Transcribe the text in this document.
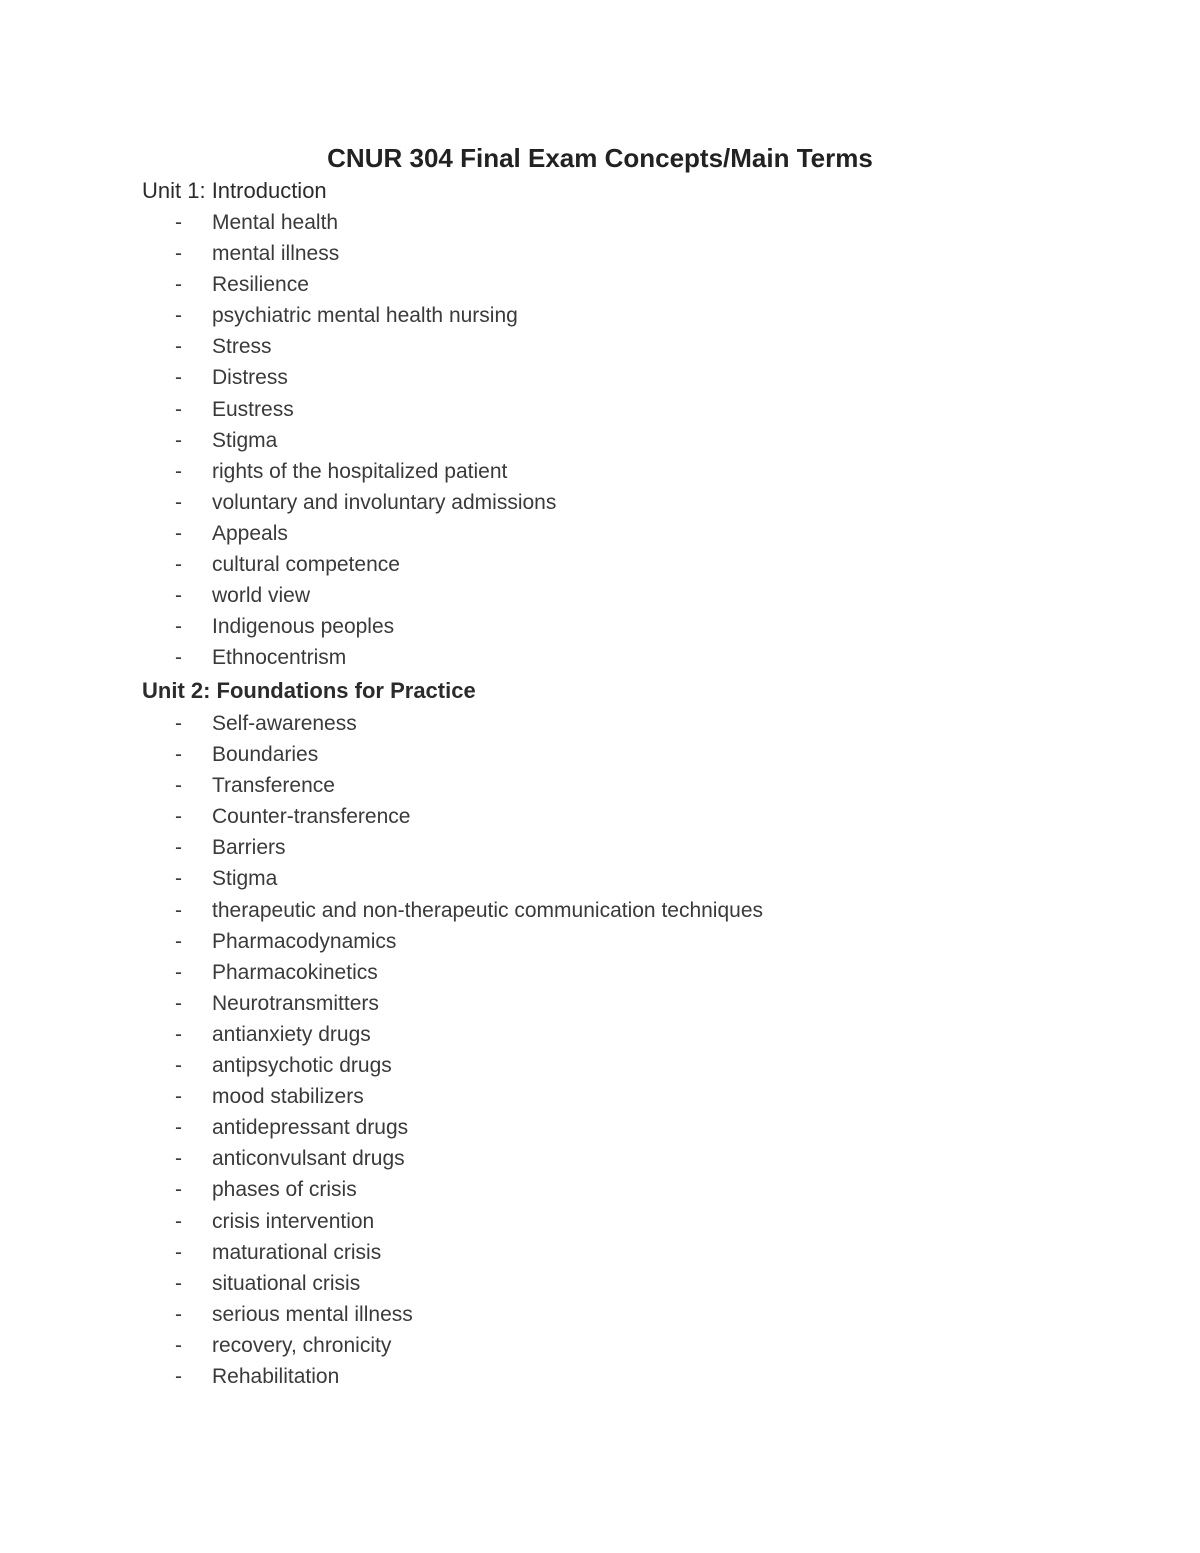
CNUR 304 Final Exam Concepts/Main Terms
Unit 1: Introduction
- Mental health
- mental illness
- Resilience
- psychiatric mental health nursing
- Stress
- Distress
- Eustress
- Stigma
- rights of the hospitalized patient
- voluntary and involuntary admissions
- Appeals
- cultural competence
- world view
- Indigenous peoples
- Ethnocentrism
Unit 2: Foundations for Practice
- Self-awareness
- Boundaries
- Transference
- Counter-transference
- Barriers
- Stigma
- therapeutic and non-therapeutic communication techniques
- Pharmacodynamics
- Pharmacokinetics
- Neurotransmitters
- antianxiety drugs
- antipsychotic drugs
- mood stabilizers
- antidepressant drugs
- anticonvulsant drugs
- phases of crisis
- crisis intervention
- maturational crisis
- situational crisis
- serious mental illness
- recovery, chronicity
- Rehabilitation
